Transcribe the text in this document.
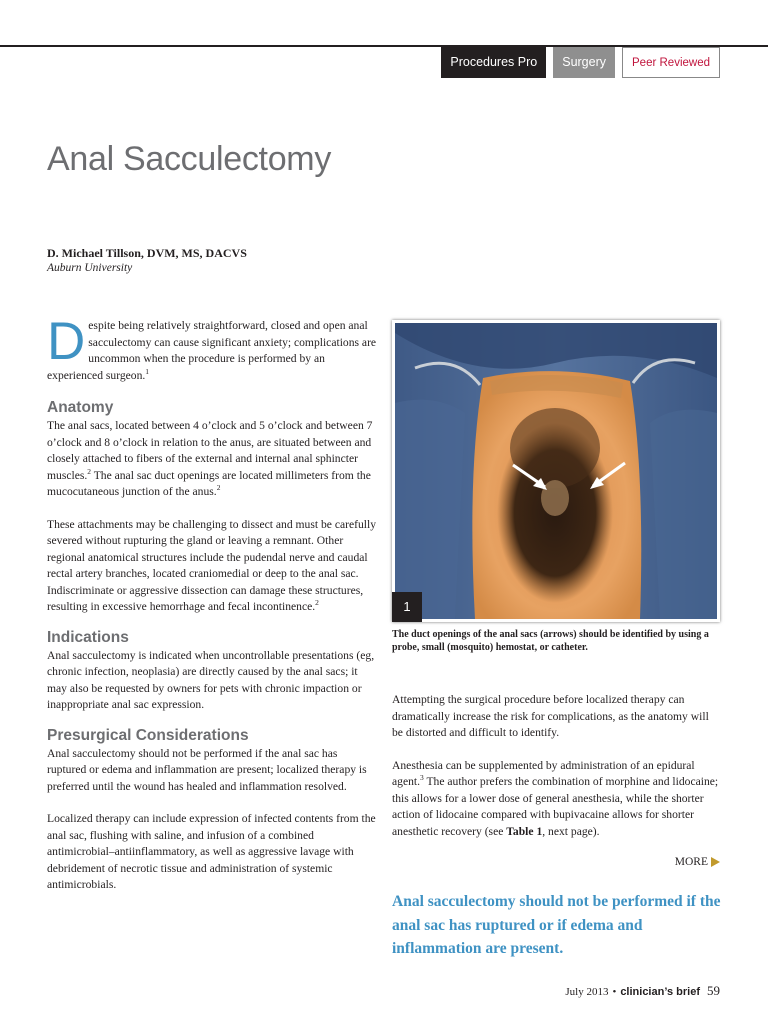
Procedures Pro	Surgery	Peer Reviewed
Anal Sacculectomy
D. Michael Tillson, DVM, MS, DACVS
Auburn University
D espite being relatively straightforward, closed and open anal sacculectomy can cause significant anxiety; complications are uncommon when the procedure is performed by an experienced surgeon.$^1$
Anatomy

The anal sacs, located between 4 o’clock and 5 o’clock and between 7 o’clock and 8 o’clock in relation to the anus, are situated between and closely attached to fibers of the external and internal anal sphincter muscles.$^2$ The anal sac duct openings are located millimeters from the mucocutaneous junction of the anus.$^2$

These attachments may be challenging to dissect and must be carefully severed without rupturing the gland or leaving a remnant. Other regional anatomical structures include the pudendal nerve and caudal rectal artery branches, located craniomedial or deep to the anal sac. Indiscriminate or aggressive dissection can damage these structures, resulting in excessive hemorrhage and fecal incontinence.$^2$

Indications

Anal sacculectomy is indicated when uncontrollable presentations (eg, chronic infection, neoplasia) are directly caused by the anal sacs; it may also be requested by owners for pets with chronic impaction or inappropriate anal sac expression.

Presurgical Considerations

Anal sacculectomy should not be performed if the anal sac has ruptured or edema and inflammation are present; localized therapy is preferred until the wound has healed and inflammation resolved.

Localized therapy can include expression of infected contents from the anal sac, flushing with saline, and infusion of a combined antimicrobial–antiinflammatory, as well as aggressive lavage with debridement of necrotic tissue and administration of systemic antimicrobials.

1
The duct openings of the anal sacs (arrows) should be identified by using a probe, small (mosquito) hemostat, or catheter.

Attempting the surgical procedure before localized therapy can dramatically increase the risk for complications, as the anatomy will be distorted and difficult to identify.

Anesthesia can be supplemented by administration of an epidural agent.$^3$ The author prefers the combination of morphine and lidocaine; this allows for a lower dose of general anesthesia, while the shorter action of lidocaine compared with bupivacaine allows for shorter anesthetic recovery (see Table 1, next page).

MORE
Anal sacculectomy should not be performed if the anal sac has ruptured or if edema and inflammation are present.
July 2013 • clinician’s brief 59
